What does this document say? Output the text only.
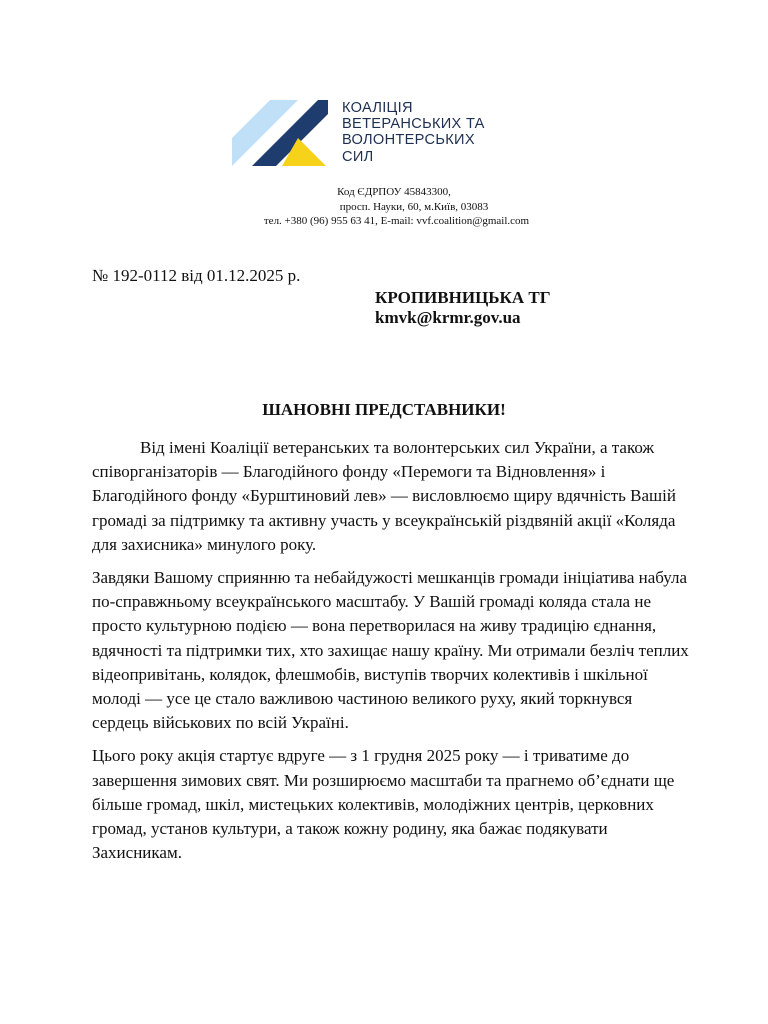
КОАЛІЦІЯ
ВЕТЕРАНСЬКИХ ТА
ВОЛОНТЕРСЬКИХ
СИЛ
Код ЄДРПОУ 45843300,
просп. Науки, 60, м.Київ, 03083
тел. +380 (96) 955 63 41, E-mail: vvf.coalition@gmail.com
№ 192-0112 від 01.12.2025 р.
КРОПИВНИЦЬКА ТГ
kmvk@krmr.gov.ua
ШАНОВНІ ПРЕДСТАВНИКИ!

Від імені Коаліції ветеранських та волонтерських сил України, а також співорганізаторів — Благодійного фонду «Перемоги та Відновлення» і Благодійного фонду «Бурштиновий лев» — висловлюємо щиру вдячність Вашій громаді за підтримку та активну участь у всеукраїнській різдвяній акції «Коляда для захисника» минулого року.

Завдяки Вашому сприянню та небайдужості мешканців громади ініціатива набула по-справжньому всеукраїнського масштабу. У Вашій громаді коляда стала не просто культурною подією — вона перетворилася на живу традицію єднання, вдячності та підтримки тих, хто захищає нашу країну. Ми отримали безліч теплих відеопривітань, колядок, флешмобів, виступів творчих колективів і шкільної молоді — усе це стало важливою частиною великого руху, який торкнувся сердець військових по всій Україні.

Цього року акція стартує вдруге — з 1 грудня 2025 року — і триватиме до завершення зимових свят. Ми розширюємо масштаби та прагнемо об’єднати ще більше громад, шкіл, мистецьких колективів, молодіжних центрів, церковних громад, установ культури, а також кожну родину, яка бажає подякувати Захисникам.
